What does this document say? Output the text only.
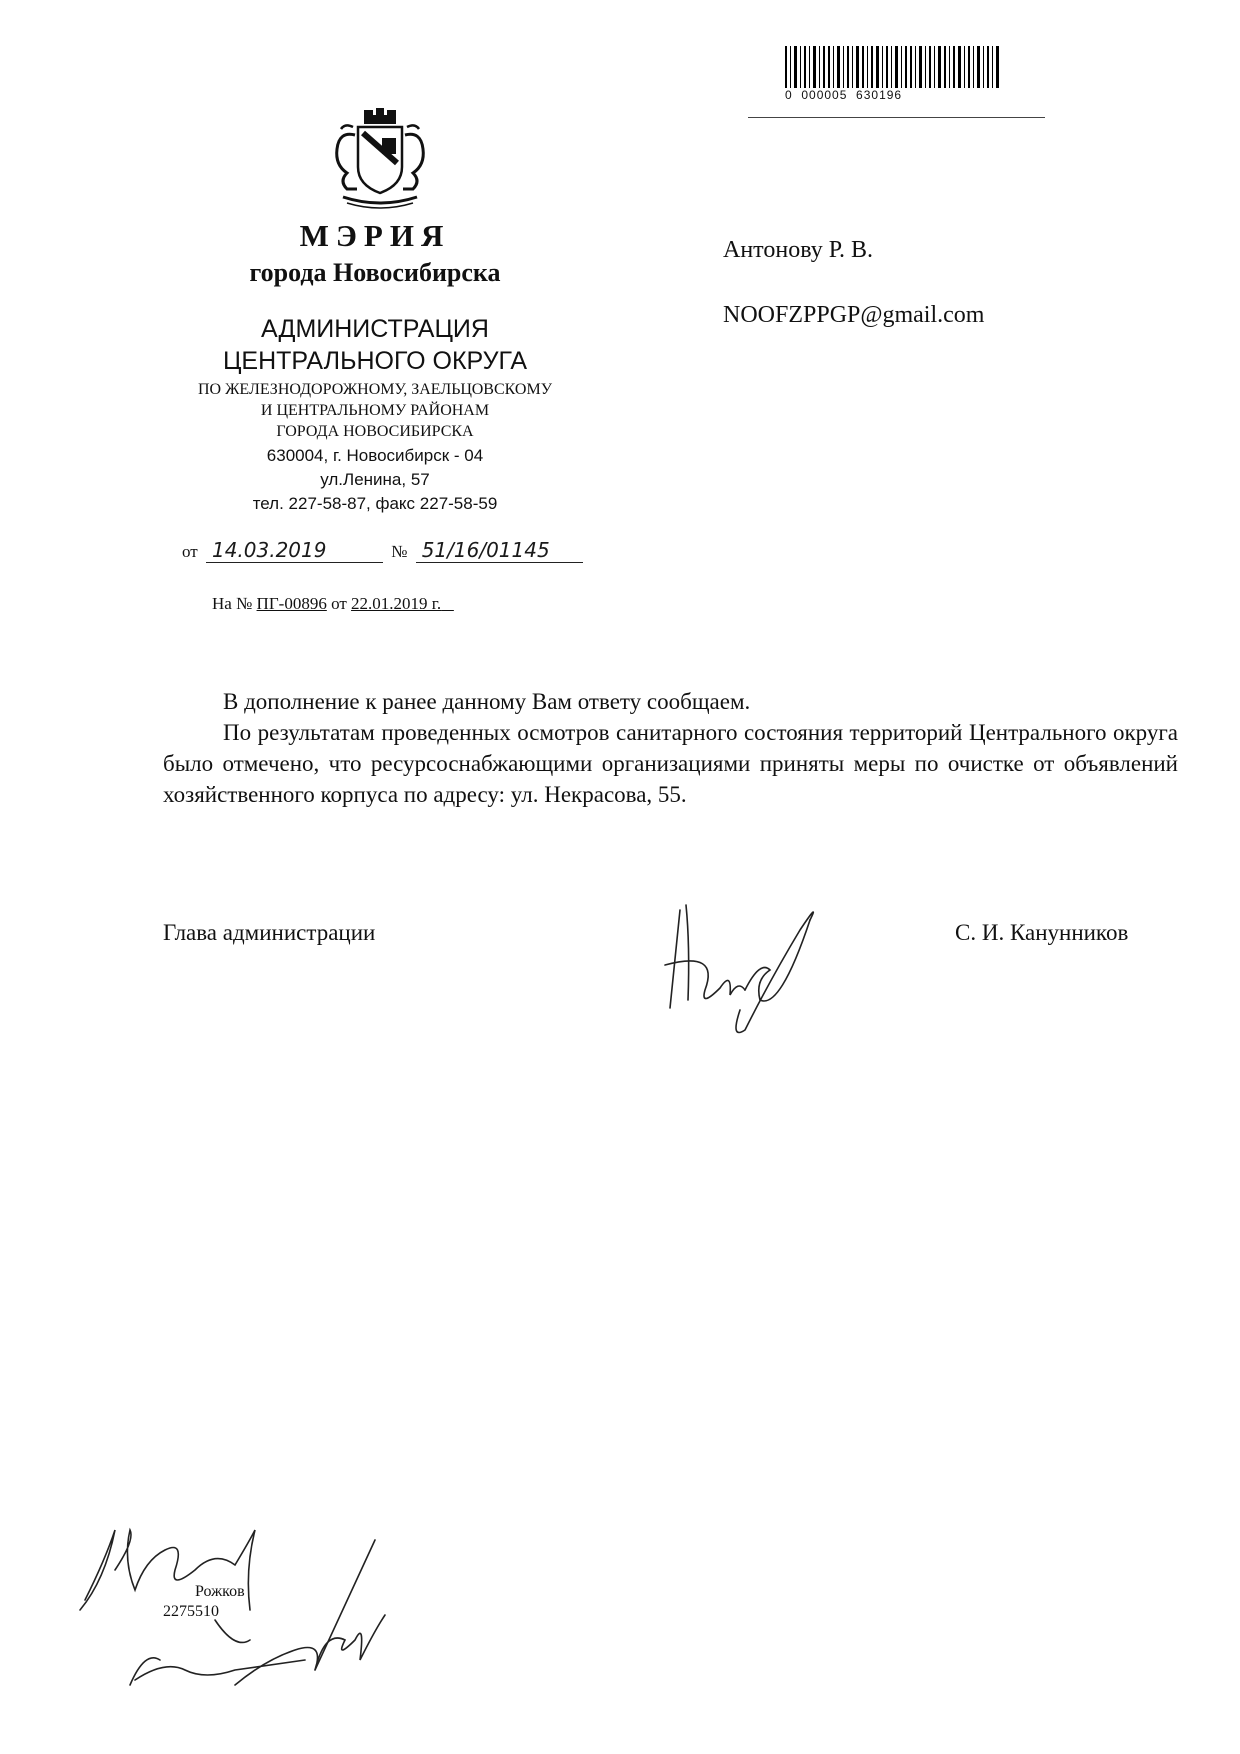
0  000005  630196
МЭРИЯ
города Новосибирска
АДМИНИСТРАЦИЯ
ЦЕНТРАЛЬНОГО ОКРУГА
ПО ЖЕЛЕЗНОДОРОЖНОМУ, ЗАЕЛЬЦОВСКОМУ
И ЦЕНТРАЛЬНОМУ РАЙОНАМ
ГОРОДА НОВОСИБИРСКА
630004, г. Новосибирск - 04
ул.Ленина, 57
тел. 227-58-87, факс 227-58-59
от 14.03.2019	№ 51/16/01145
На № ПГ-00896 от 22.01.2019 г.
Антонову Р. В.
NOOFZPPGP@gmail.com

В дополнение к ранее данному Вам ответу сообщаем.

По результатам проведенных осмотров санитарного состояния территорий Центрального округа было отмечено, что ресурсоснабжающими организациями приняты меры по очистке от объявлений хозяйственного корпуса по адресу: ул. Некрасова, 55.

Глава администрации	С. И. Канунников
Рожков
2275510
